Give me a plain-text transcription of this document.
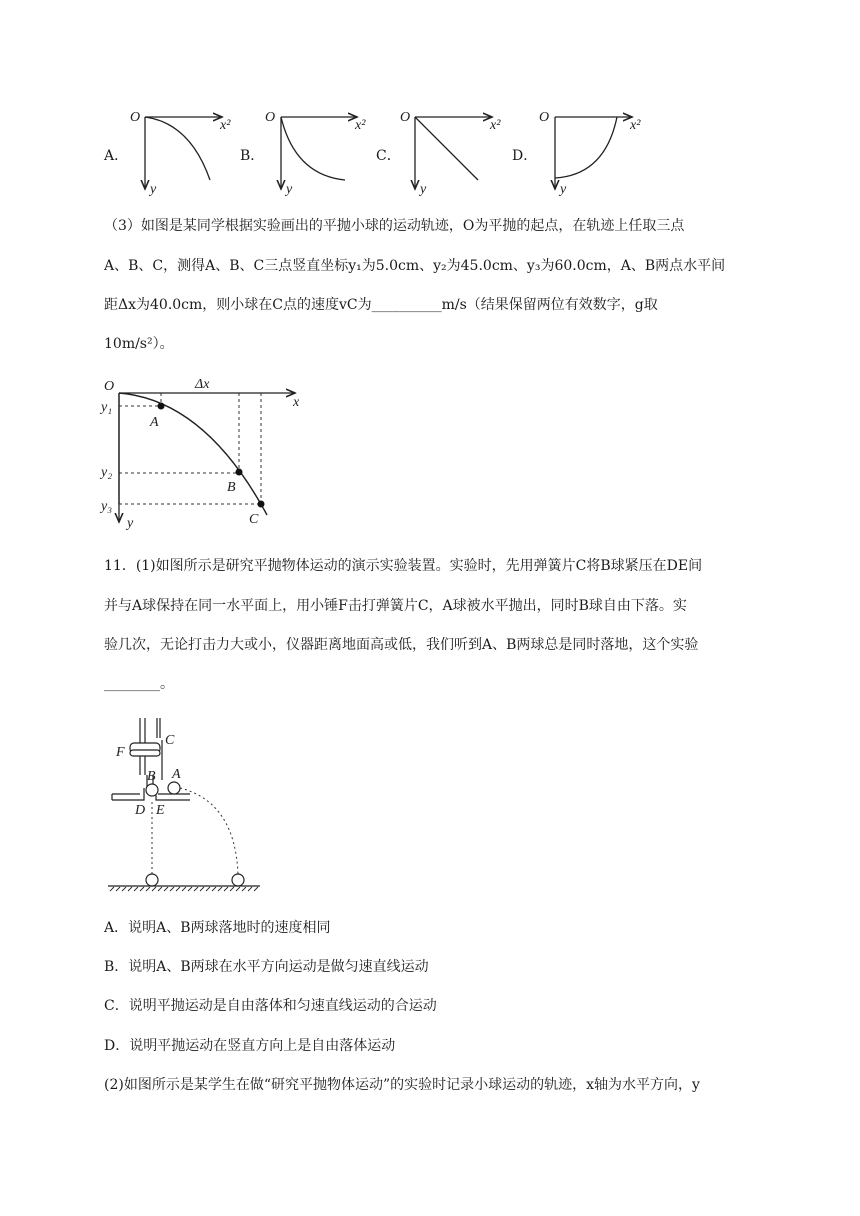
O
x²
y
O
x²
y
O
x²
y
O
x²
y
A．	B．	C．	D．
（3）如图是某同学根据实验画出的平抛小球的运动轨迹，O为平抛的起点，在轨迹上任取三点
A、B、C，测得A、B、C三点竖直坐标y₁为5.0cm、y₂为45.0cm、y₃为60.0cm，A、B两点水平间
距Δx为40.0cm，则小球在C点的速度vC为__________m/s（结果保留两位有效数字，g取
10m/s²）。
O	Δx
x
y
y₁
y₂
y₃
A
B
C
11．(1)如图所示是研究平抛物体运动的演示实验装置。实验时，先用弹簧片C将B球紧压在DE间
并与A球保持在同一水平面上，用小锤F击打弹簧片C，A球被水平抛出，同时B球自由下落。实
验几次，无论打击力大或小，仪器距离地面高或低，我们听到A、B两球总是同时落地，这个实验
________。
F
C
B A
D E
A．说明A、B两球落地时的速度相同
B．说明A、B两球在水平方向运动是做匀速直线运动
C．说明平抛运动是自由落体和匀速直线运动的合运动
D．说明平抛运动在竖直方向上是自由落体运动
(2)如图所示是某学生在做“研究平抛物体运动”的实验时记录小球运动的轨迹，x轴为水平方向，y
